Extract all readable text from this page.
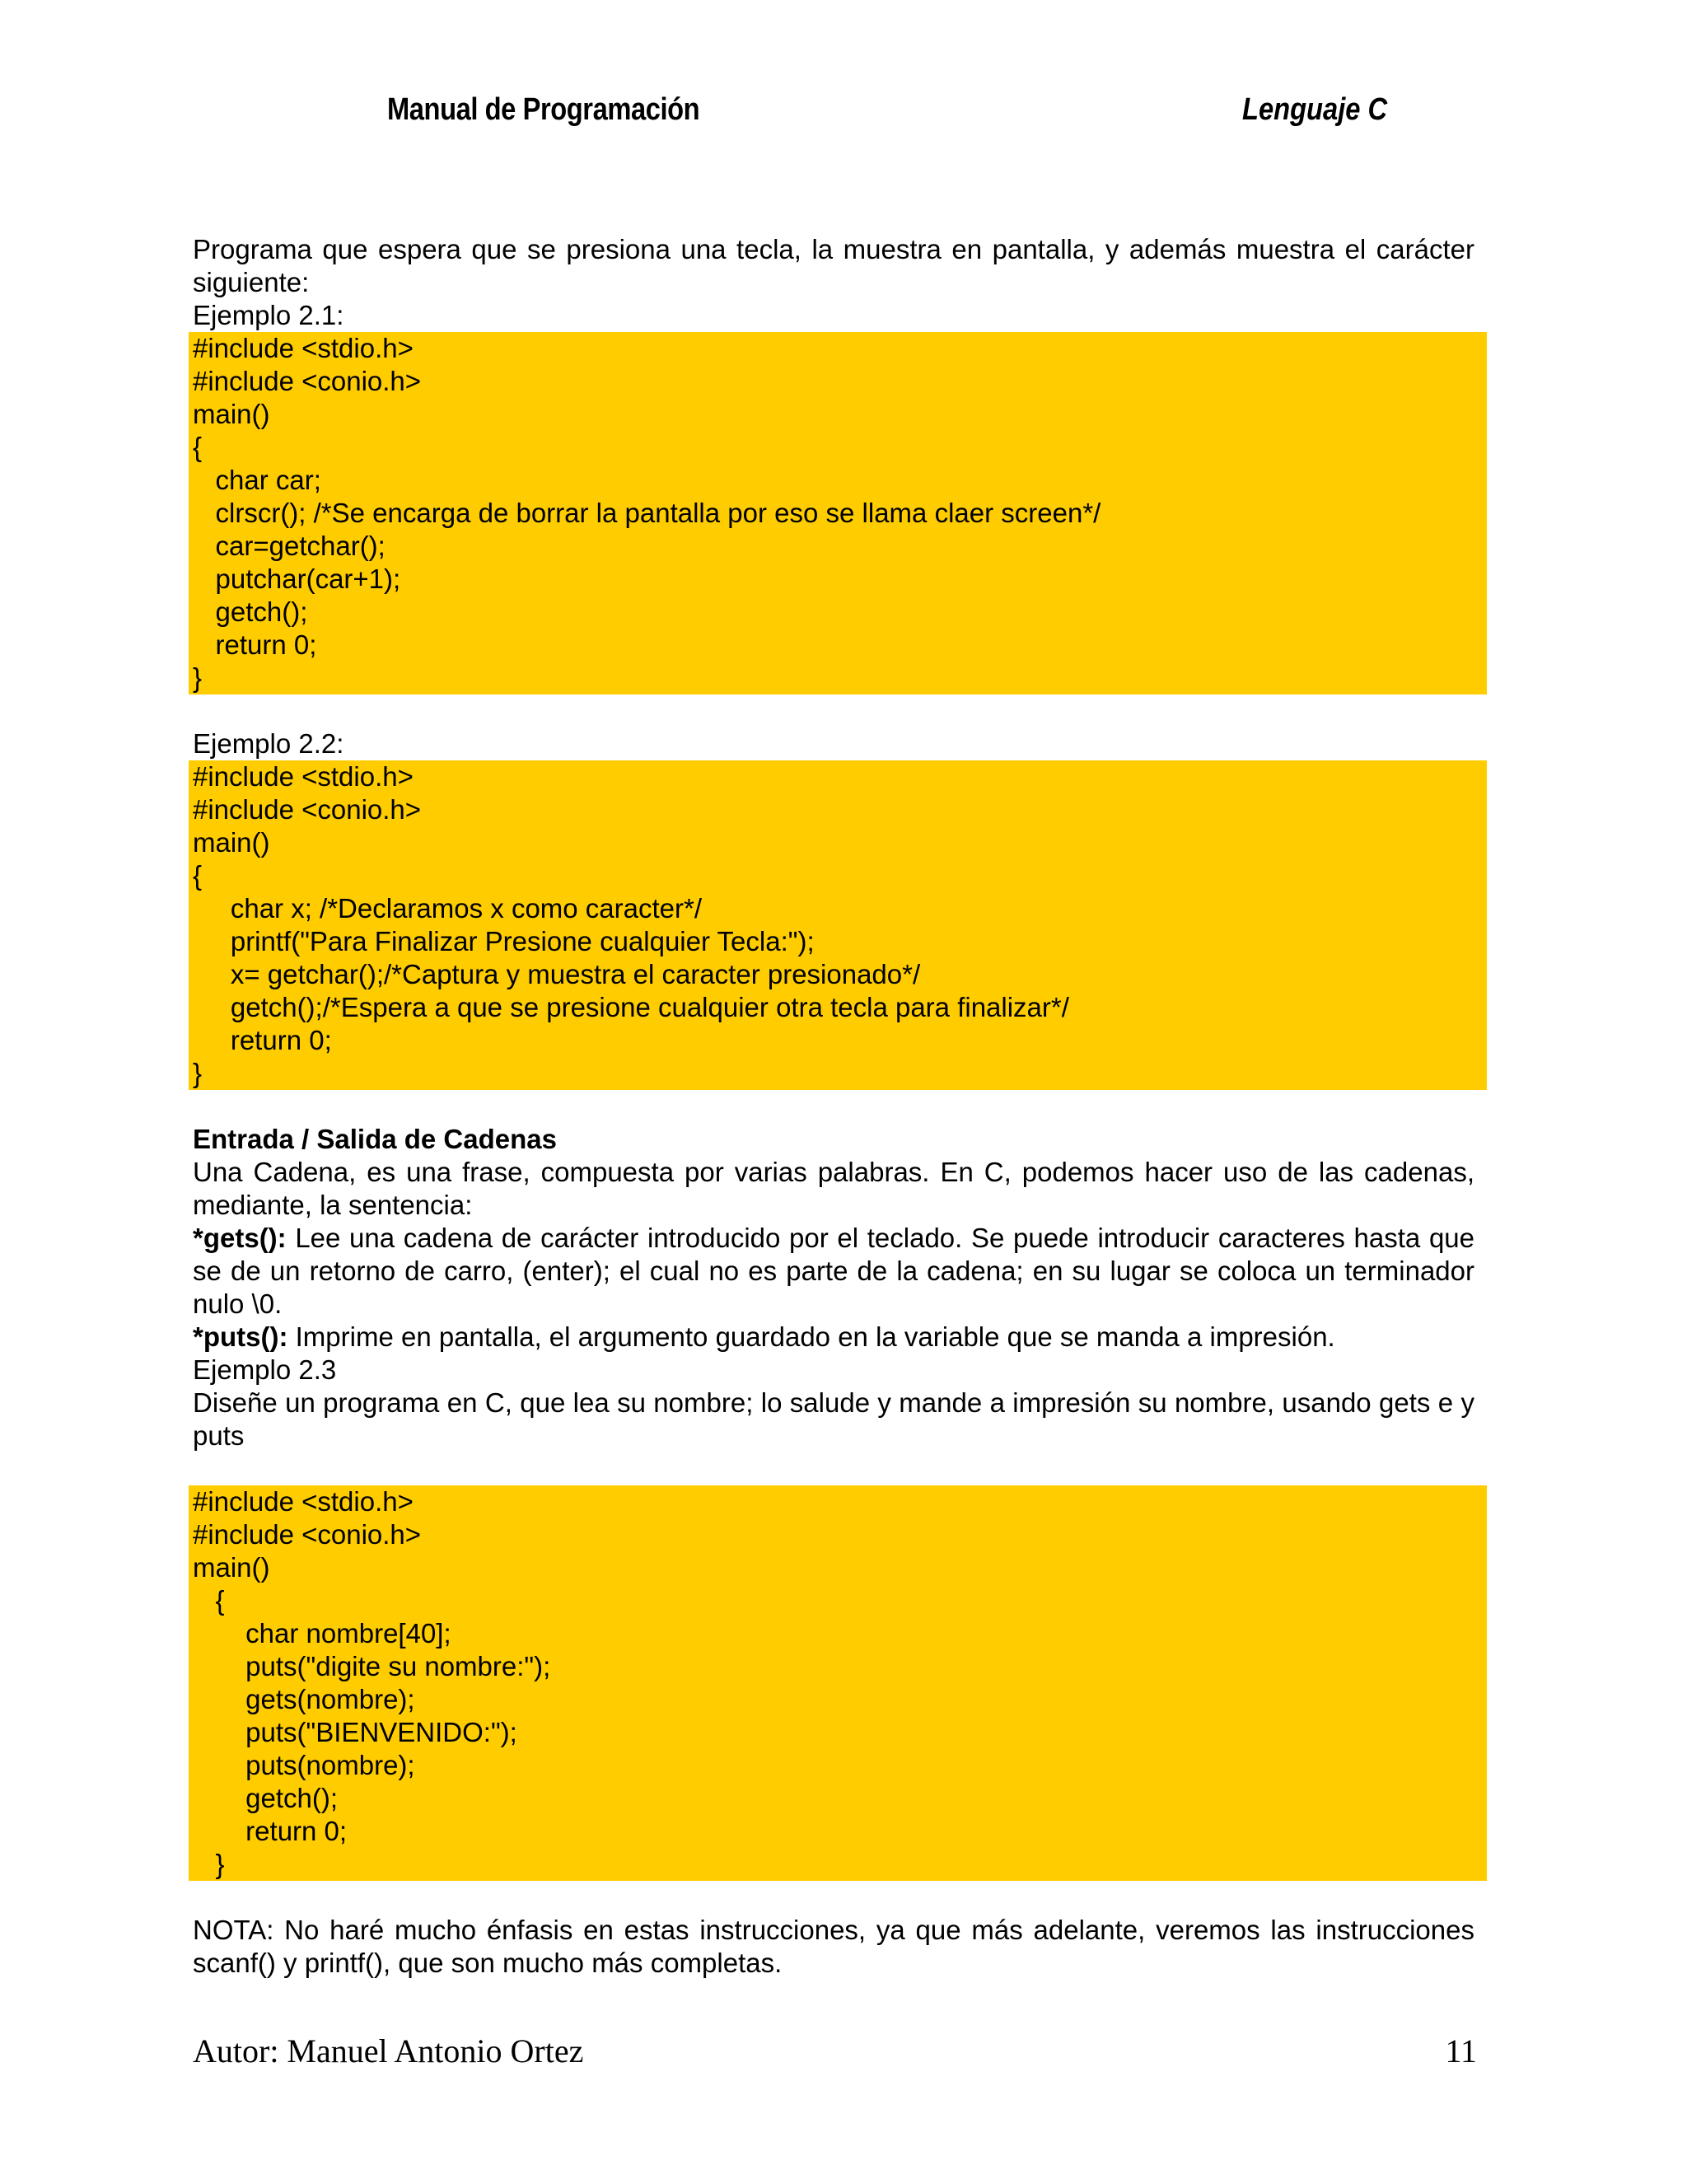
Manual de Programación	Lenguaje C

Programa que espera que se presiona una tecla, la muestra en pantalla, y además muestra el carácter siguiente:

Ejemplo 2.1:

#include <stdio.h>
#include <conio.h>
main()
{
char car;
clrscr(); /*Se encarga de borrar la pantalla por eso se llama claer screen*/
car=getchar();
putchar(car+1);
getch();
return 0;
}

Ejemplo 2.2:

#include <stdio.h>
#include <conio.h>
main()
{
char x; /*Declaramos x como caracter*/
printf("Para Finalizar Presione cualquier Tecla:");
x= getchar();/*Captura y muestra el caracter presionado*/
getch();/*Espera a que se presione cualquier otra tecla para finalizar*/
return 0;
}

Entrada / Salida de Cadenas

Una Cadena, es una frase, compuesta por varias palabras. En C, podemos hacer uso de las cadenas, mediante, la sentencia:

*gets(): Lee una cadena de carácter introducido por el teclado. Se puede introducir caracteres hasta que se de un retorno de carro, (enter); el cual no es parte de la cadena; en su lugar se coloca un terminador nulo \0.

*puts(): Imprime en pantalla, el argumento guardado en la variable que se manda a impresión.

Ejemplo 2.3

Diseñe un programa en C, que lea su nombre; lo salude y mande a impresión su nombre, usando gets e y puts

#include <stdio.h>
#include <conio.h>
main()
{
char nombre[40];
puts("digite su nombre:");
gets(nombre);
puts("BIENVENIDO:");
puts(nombre);
getch();
return 0;
}

NOTA: No haré mucho énfasis en estas instrucciones, ya que más adelante, veremos las instrucciones scanf() y printf(), que son mucho más completas.

Autor: Manuel Antonio Ortez	11
